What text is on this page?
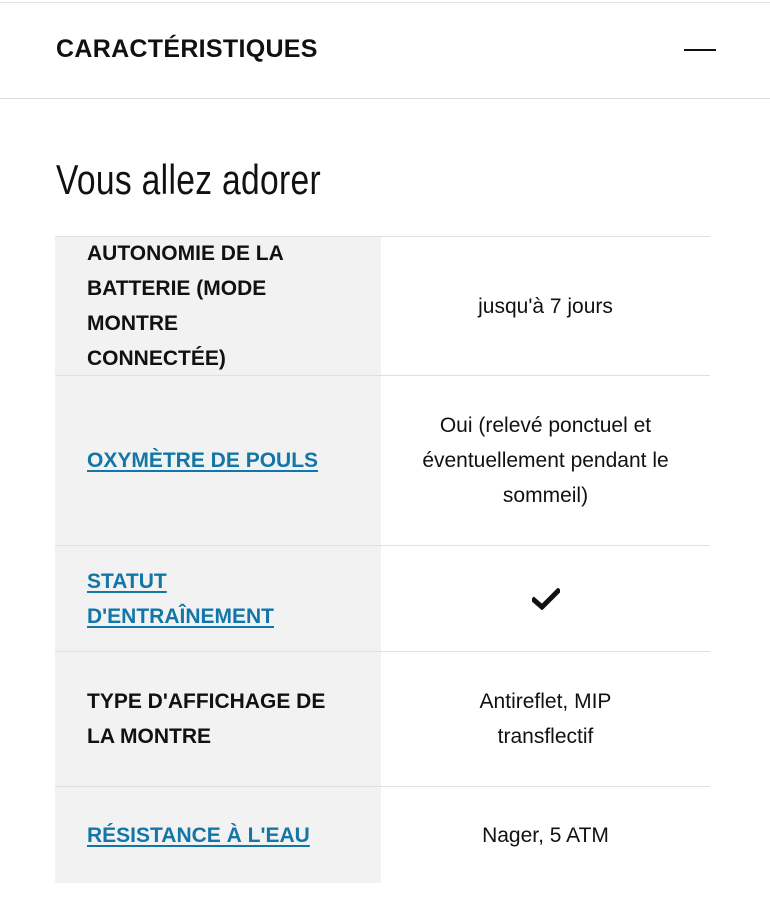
CARACTÉRISTIQUES
Vous allez adorer
AUTONOMIE DE LA BATTERIE (MODE MONTRE CONNECTÉE)
jusqu'à 7 jours
OXYMÈTRE DE POULS
Oui (relevé ponctuel et éventuellement pendant le sommeil)
STATUT D'ENTRAÎNEMENT
TYPE D'AFFICHAGE DE LA MONTRE
Antireflet, MIP transflectif
RÉSISTANCE À L'EAU	Nager, 5 ATM
